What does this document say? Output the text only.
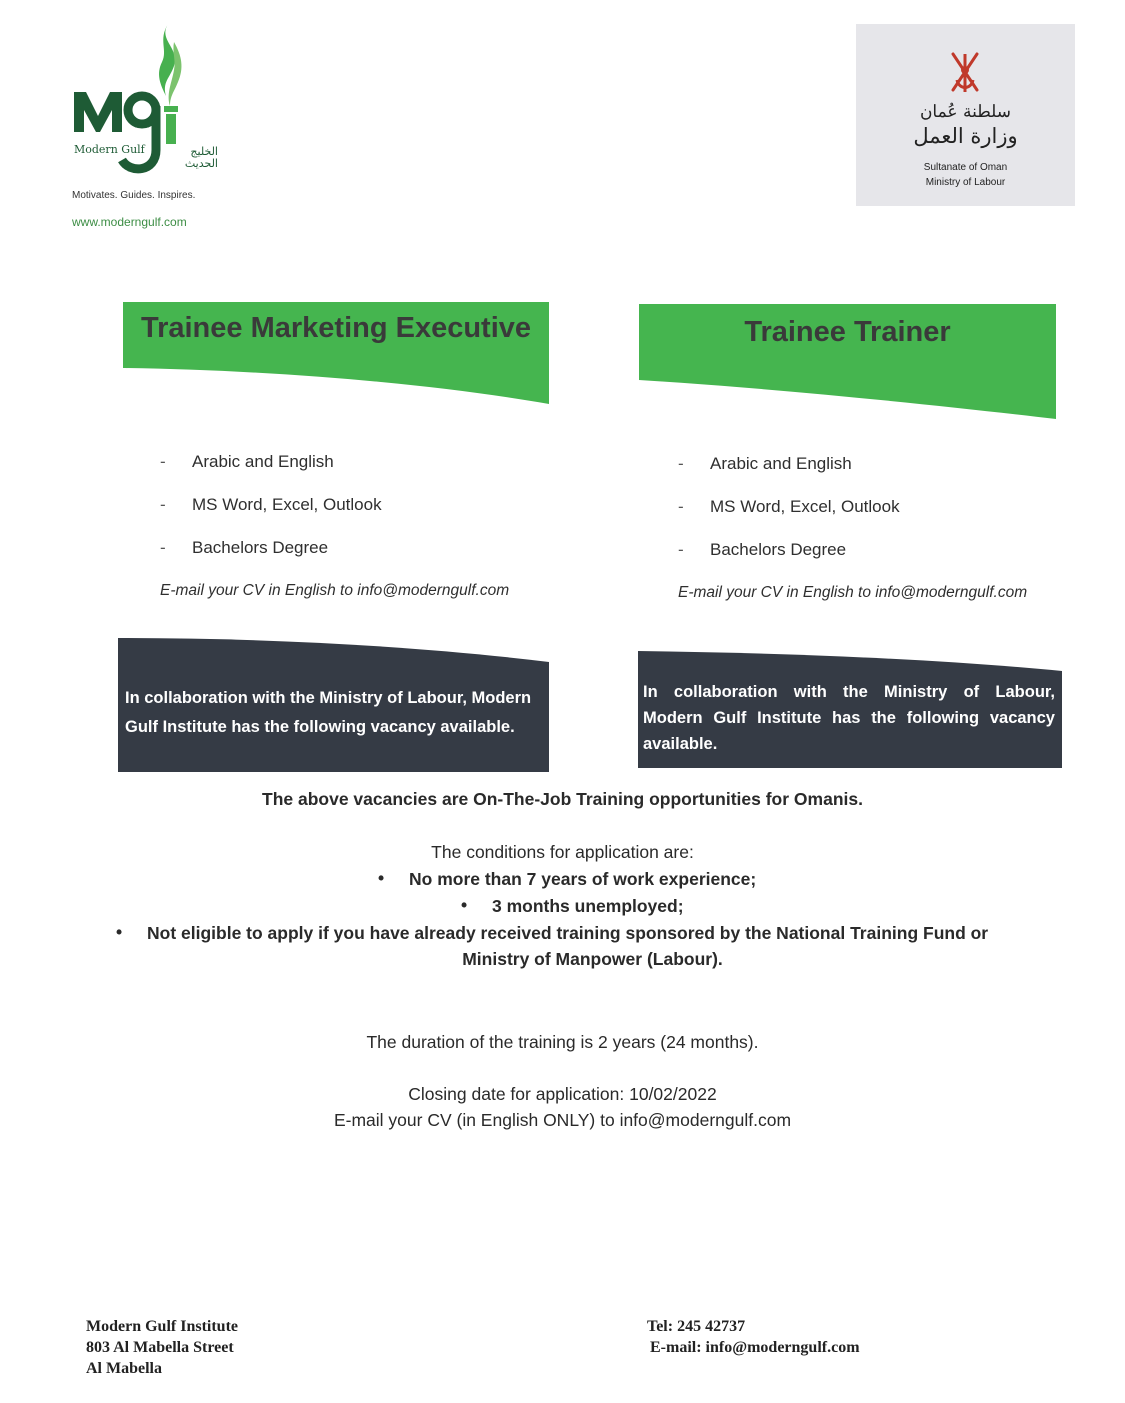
Modern Gulf	الخليج الحديث
Motivates. Guides. Inspires.
www.moderngulf.com
سلطنة عُمان
وزارة العمل
Sultanate of Oman
Ministry of Labour
Trainee Marketing Executive
- Arabic and English
- MS Word, Excel, Outlook
- Bachelors Degree
E-mail your CV in English to info@moderngulf.com
In collaboration with the Ministry of Labour, Modern
Gulf Institute has the following vacancy available.
Trainee Trainer
- Arabic and English
- MS Word, Excel, Outlook
- Bachelors Degree
E-mail your CV in English to info@moderngulf.com
In collaboration with the Ministry of Labour,
Modern Gulf Institute has the following vacancy
available.
The above vacancies are On-The-Job Training opportunities for Omanis.
The conditions for application are:
• No more than 7 years of work experience;
• 3 months unemployed;
• Not eligible to apply if you have already received training sponsored by the National Training Fund or
Ministry of Manpower (Labour).
The duration of the training is 2 years (24 months).
Closing date for application: 10/02/2022
E-mail your CV (in English ONLY) to info@moderngulf.com
Modern Gulf Institute
803 Al Mabella Street
Al Mabella
Tel: 245 42737
E-mail: info@moderngulf.com
